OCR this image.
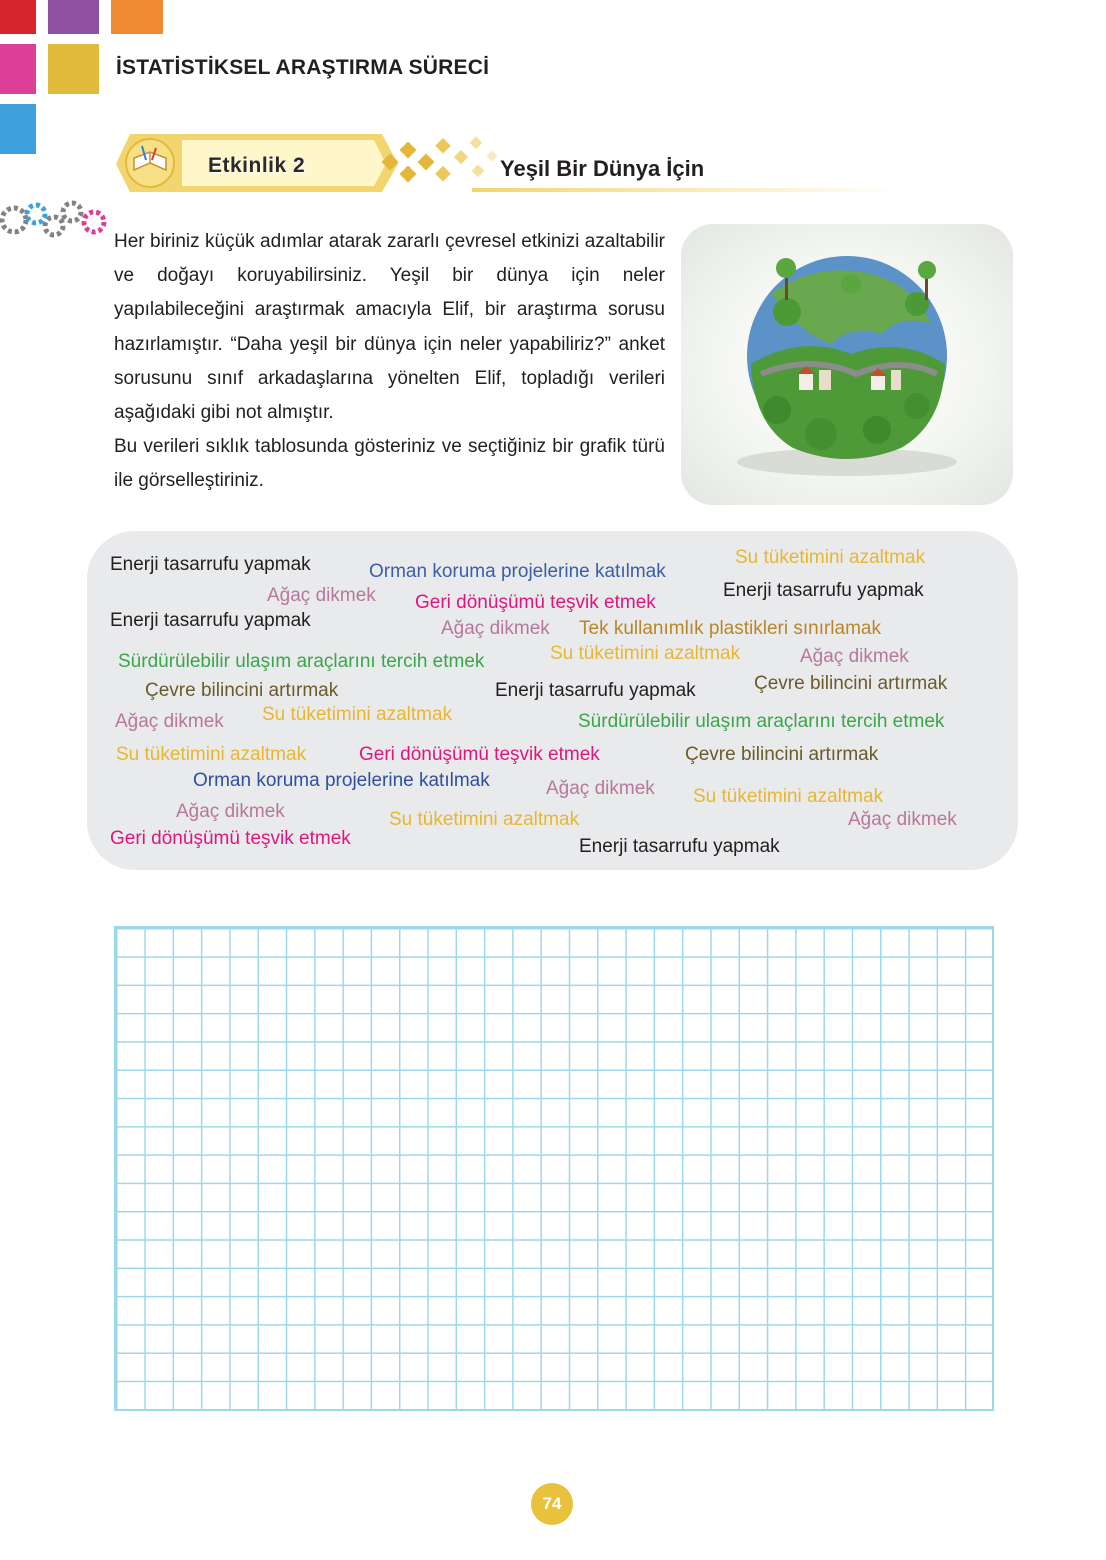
İSTATİSTİKSEL ARAŞTIRMA SÜRECİ
Etkinlik 2	Yeşil Bir Dünya İçin

Her biriniz küçük adımlar atarak zararlı çevresel etkinizi azaltabilir ve doğayı koruyabilirsiniz. Yeşil bir dünya için neler yapılabileceğini araştırmak amacıyla Elif, bir araştırma sorusu hazırlamıştır. “Daha yeşil bir dünya için neler yapabiliriz?” anket sorusunu sınıf arkadaşlarına yönelten Elif, topladığı verileri aşağıdaki gibi not almıştır.

Bu verileri sıklık tablosunda gösteriniz ve seçtiğiniz bir grafik türü ile görselleştiriniz.

Enerji tasarrufu yapmak	Orman koruma projelerine katılmak
Su tüketimini azaltmak
Ağaç dikmek Geri dönüşümü teşvik etmek
Enerji tasarrufu yapmak
Enerji tasarrufu yapmak	Ağaç dikmek Tek kullanımlık plastikleri sınırlamak
Sürdürülebilir ulaşım araçlarını tercih etmek	Su tüketimini azaltmak	Ağaç dikmek
Çevre bilincini artırmak	Enerji tasarrufu yapmak	Çevre bilincini artırmak
Ağaç dikmek Su tüketimini azaltmak	Sürdürülebilir ulaşım araçlarını tercih etmek
Su tüketimini azaltmak	Geri dönüşümü teşvik etmek	Çevre bilincini artırmak
Orman koruma projelerine katılmak	Ağaç dikmek Su tüketimini azaltmak
Ağaç dikmek	Su tüketimini azaltmak	Ağaç dikmek
Geri dönüşümü teşvik etmek	Enerji tasarrufu yapmak
74
